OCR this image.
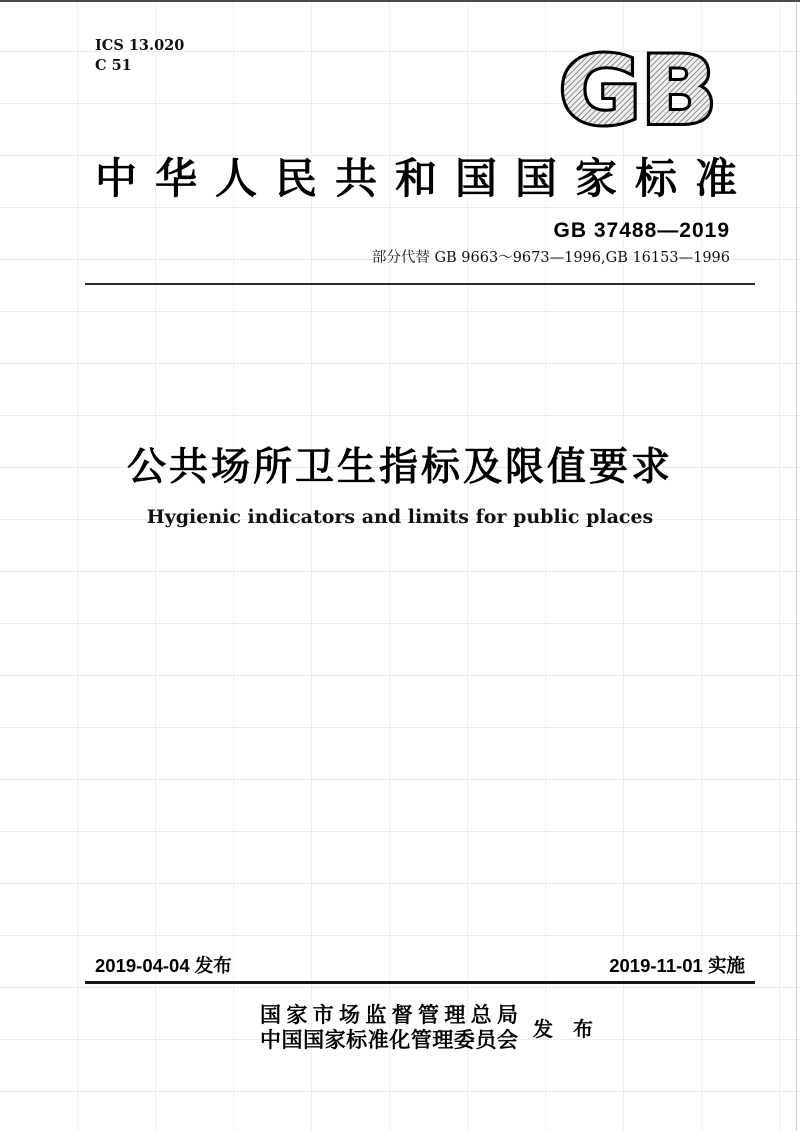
ICS 13.020
C 51	GB
中华人民共和国国家标准
GB 37488—2019
部分代替 GB 9663～9673—1996,GB 16153—1996
公共场所卫生指标及限值要求
Hygienic indicators and limits for public places
2019-04-04 发布	2019-11-01 实施
国家市场监督管理总局
中国国家标准化管理委员会 发　布
